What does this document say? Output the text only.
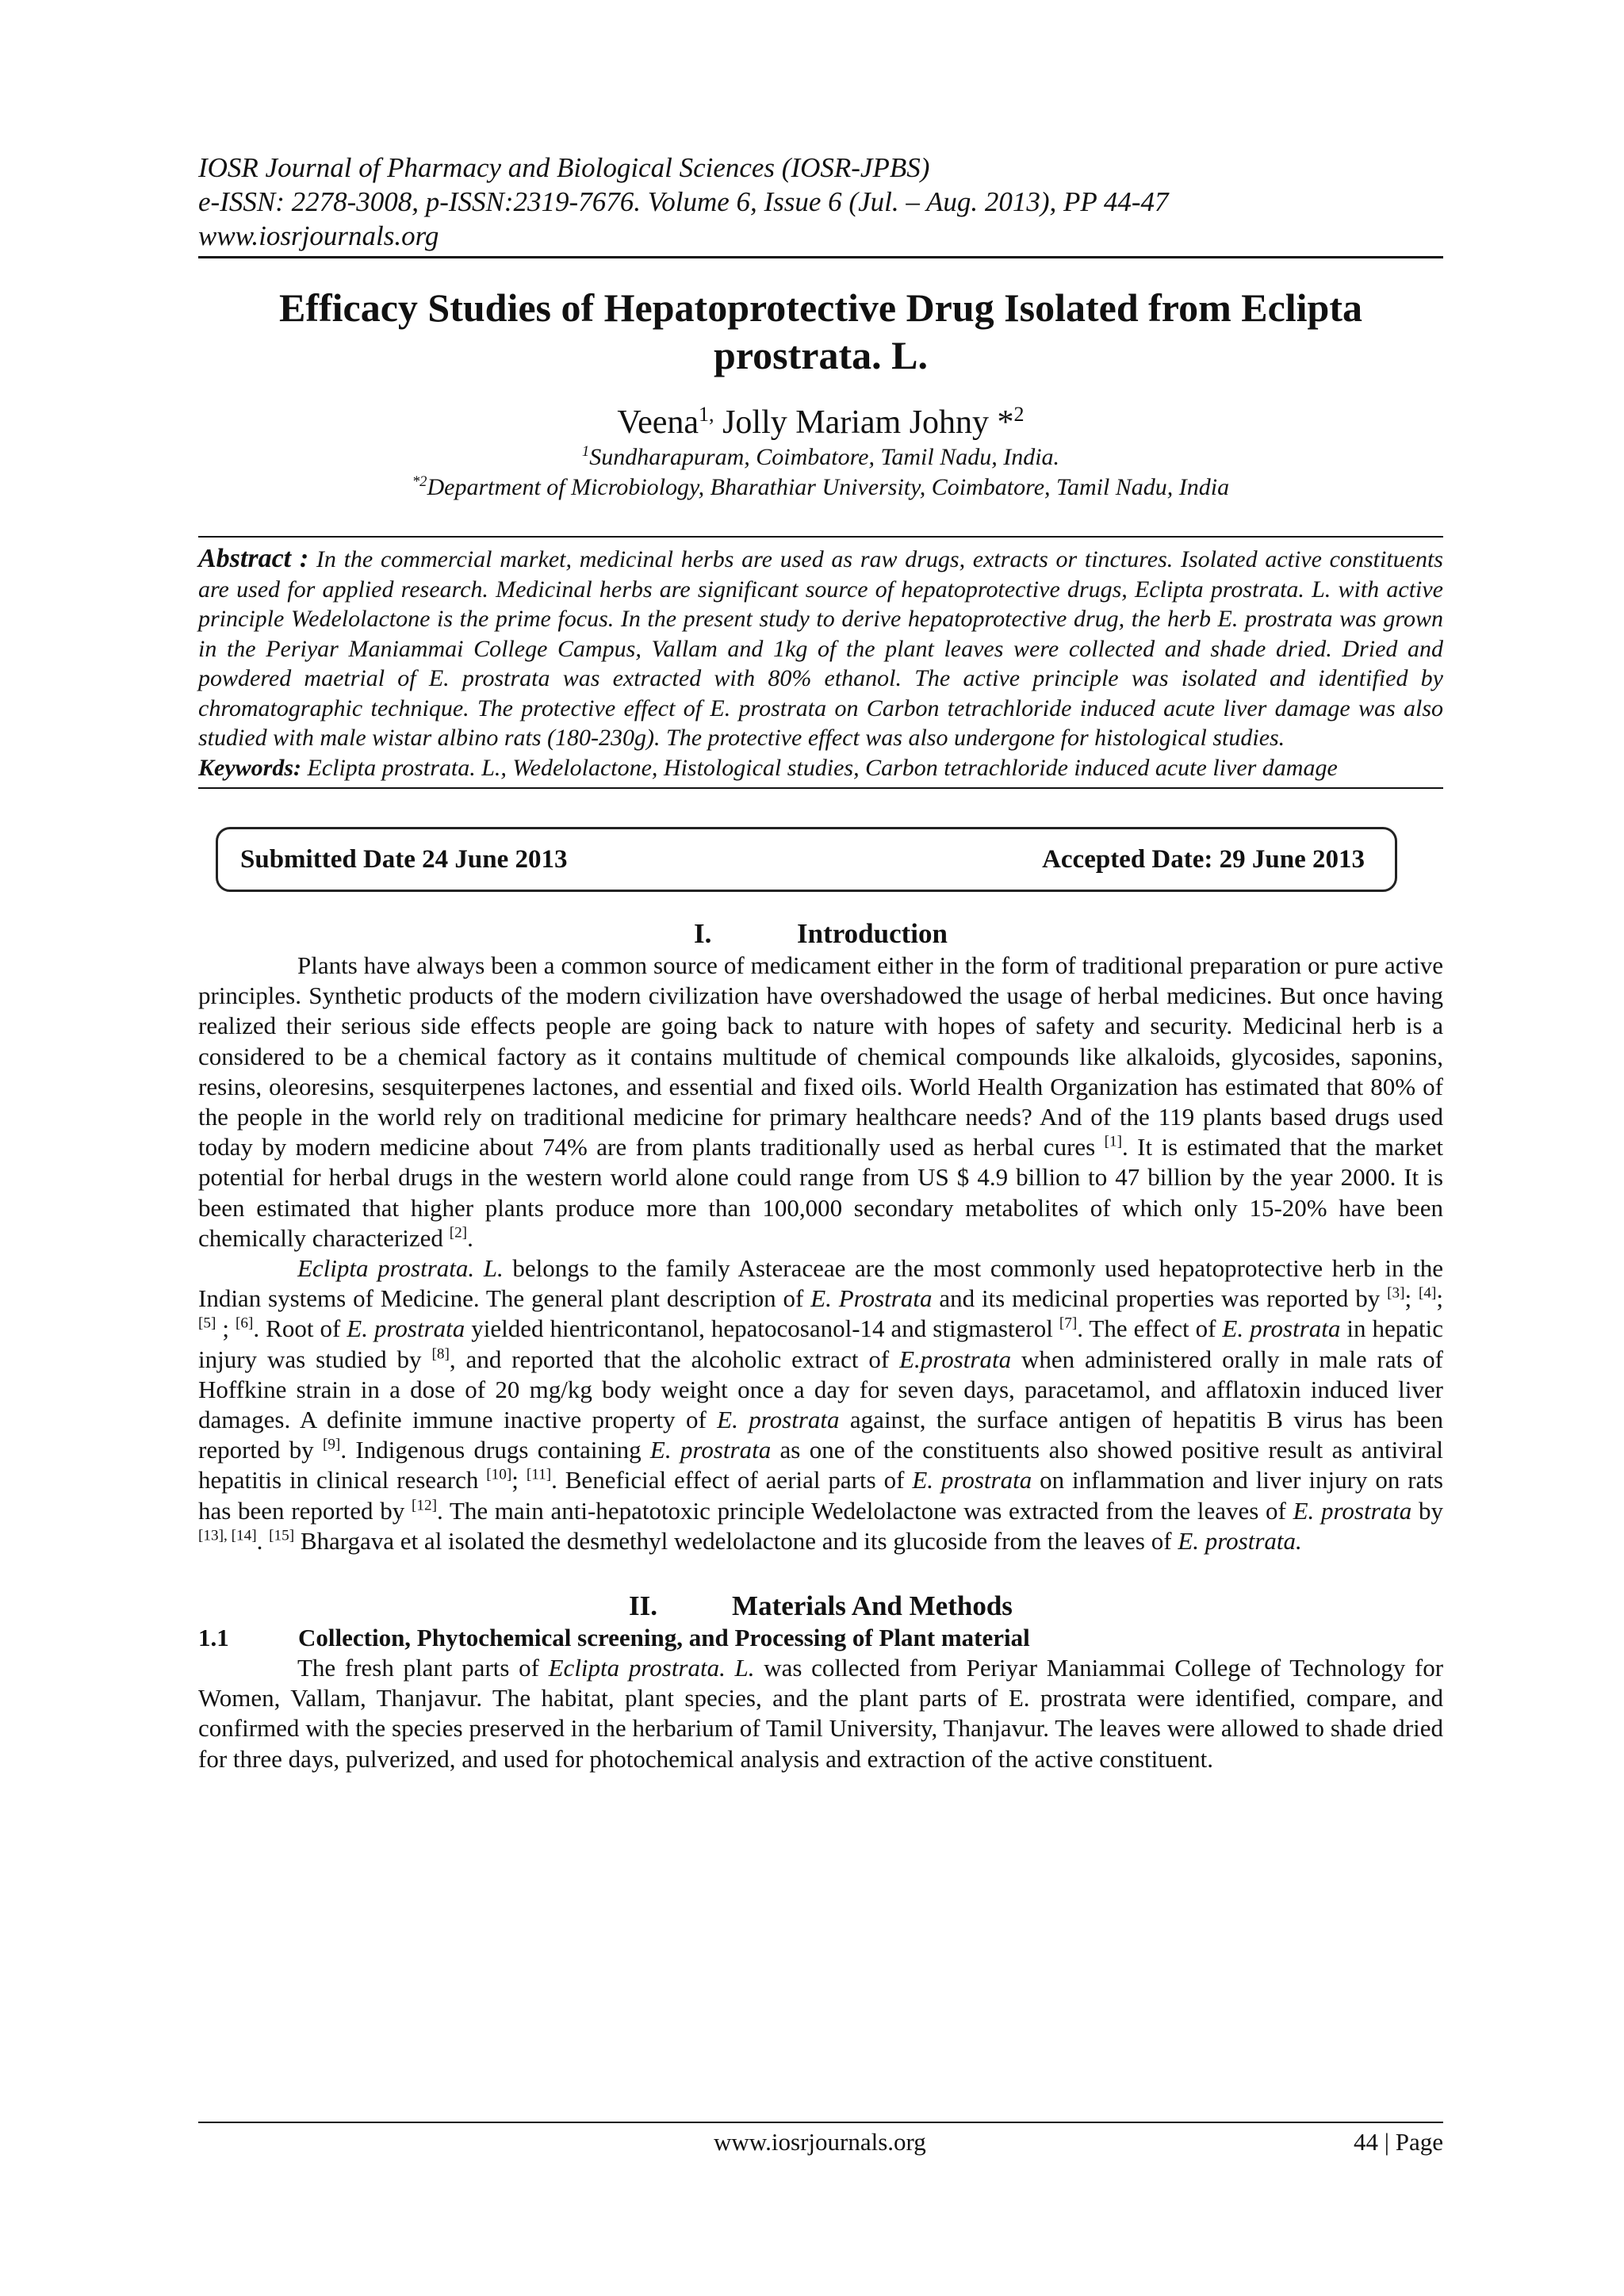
IOSR Journal of Pharmacy and Biological Sciences (IOSR-JPBS)
e-ISSN: 2278-3008, p-ISSN:2319-7676. Volume 6, Issue 6 (Jul. – Aug. 2013), PP 44-47
www.iosrjournals.org
Efficacy Studies of Hepatoprotective Drug Isolated from Eclipta prostrata. L.
Veena$^{1,}$ Jolly Mariam Johny *$^2$
$^1$Sundharapuram, Coimbatore, Tamil Nadu, India.
$^{*2}$Department of Microbiology, Bharathiar University, Coimbatore, Tamil Nadu, India
Abstract : In the commercial market, medicinal herbs are used as raw drugs, extracts or tinctures. Isolated active constituents are used for applied research. Medicinal herbs are significant source of hepatoprotective drugs, Eclipta prostrata. L. with active principle Wedelolactone is the prime focus. In the present study to derive hepatoprotective drug, the herb E. prostrata was grown in the Periyar Maniammai College Campus, Vallam and 1kg of the plant leaves were collected and shade dried. Dried and powdered maetrial of E. prostrata was extracted with 80% ethanol. The active principle was isolated and identified by chromatographic technique. The protective effect of E. prostrata on Carbon tetrachloride induced acute liver damage was also studied with male wistar albino rats (180-230g). The protective effect was also undergone for histological studies.
Keywords: Eclipta prostrata. L., Wedelolactone, Histological studies, Carbon tetrachloride induced acute liver damage
Submitted Date 24 June 2013	Accepted Date: 29 June 2013
I.	Introduction

Plants have always been a common source of medicament either in the form of traditional preparation or pure active principles. Synthetic products of the modern civilization have overshadowed the usage of herbal medicines. But once having realized their serious side effects people are going back to nature with hopes of safety and security. Medicinal herb is a considered to be a chemical factory as it contains multitude of chemical compounds like alkaloids, glycosides, saponins, resins, oleoresins, sesquiterpenes lactones, and essential and fixed oils. World Health Organization has estimated that 80% of the people in the world rely on traditional medicine for primary healthcare needs? And of the 119 plants based drugs used today by modern medicine about 74% are from plants traditionally used as herbal cures [1]. It is estimated that the market potential for herbal drugs in the western world alone could range from US $ 4.9 billion to 47 billion by the year 2000. It is been estimated that higher plants produce more than 100,000 secondary metabolites of which only 15-20% have been chemically characterized [2].

Eclipta prostrata. L. belongs to the family Asteraceae are the most commonly used hepatoprotective herb in the Indian systems of Medicine. The general plant description of E. Prostrata and its medicinal properties was reported by [3]; [4]; [5] ; [6]. Root of E. prostrata yielded hientricontanol, hepatocosanol-14 and stigmasterol [7]. The effect of E. prostrata in hepatic injury was studied by [8], and reported that the alcoholic extract of E.prostrata when administered orally in male rats of Hoffkine strain in a dose of 20 mg/kg body weight once a day for seven days, paracetamol, and afflatoxin induced liver damages. A definite immune inactive property of E. prostrata against, the surface antigen of hepatitis B virus has been reported by [9]. Indigenous drugs containing E. prostrata as one of the constituents also showed positive result as antiviral hepatitis in clinical research [10]; [11]. Beneficial effect of aerial parts of E. prostrata on inflammation and liver injury on rats has been reported by [12]. The main anti-hepatotoxic principle Wedelolactone was extracted from the leaves of E. prostrata by [13], [14]. [15] Bhargava et al isolated the desmethyl wedelolactone and its glucoside from the leaves of E. prostrata.

II.	Materials And Methods
1.1	Collection, Phytochemical screening, and Processing of Plant material

The fresh plant parts of Eclipta prostrata. L. was collected from Periyar Maniammai College of Technology for Women, Vallam, Thanjavur. The habitat, plant species, and the plant parts of E. prostrata were identified, compare, and confirmed with the species preserved in the herbarium of Tamil University, Thanjavur. The leaves were allowed to shade dried for three days, pulverized, and used for photochemical analysis and extraction of the active constituent.

www.iosrjournals.org	44 | Page
